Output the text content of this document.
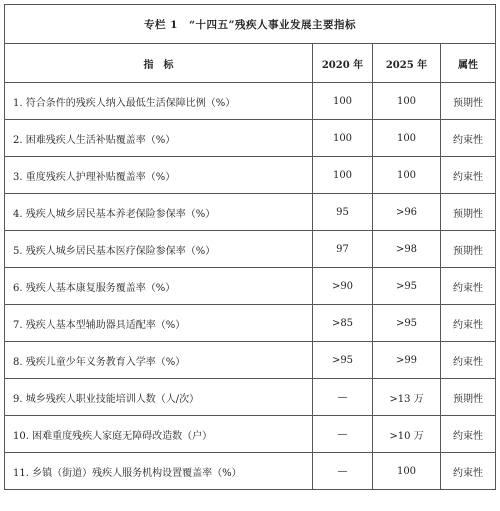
专栏 1　“十四五”残疾人事业发展主要指标			
指　标	2020 年	2025 年	属性
1. 符合条件的残疾人纳入最低生活保障比例（%）	100	100	预期性
2. 困难残疾人生活补贴覆盖率（%）	100	100	约束性
3. 重度残疾人护理补贴覆盖率（%）	100	100	约束性
4. 残疾人城乡居民基本养老保险参保率（%）	95	>96	预期性
5. 残疾人城乡居民基本医疗保险参保率（%）	97	>98	预期性
6. 残疾人基本康复服务覆盖率（%）	>90	>95	约束性
7. 残疾人基本型辅助器具适配率（%）	>85	>95	约束性
8. 残疾儿童少年义务教育入学率（%）	>95	>99	约束性
9. 城乡残疾人职业技能培训人数（人/次）	—	>13 万	预期性
10. 困难重度残疾人家庭无障碍改造数（户）	—	>10 万	约束性
11. 乡镇（街道）残疾人服务机构设置覆盖率（%）	—	100	约束性
